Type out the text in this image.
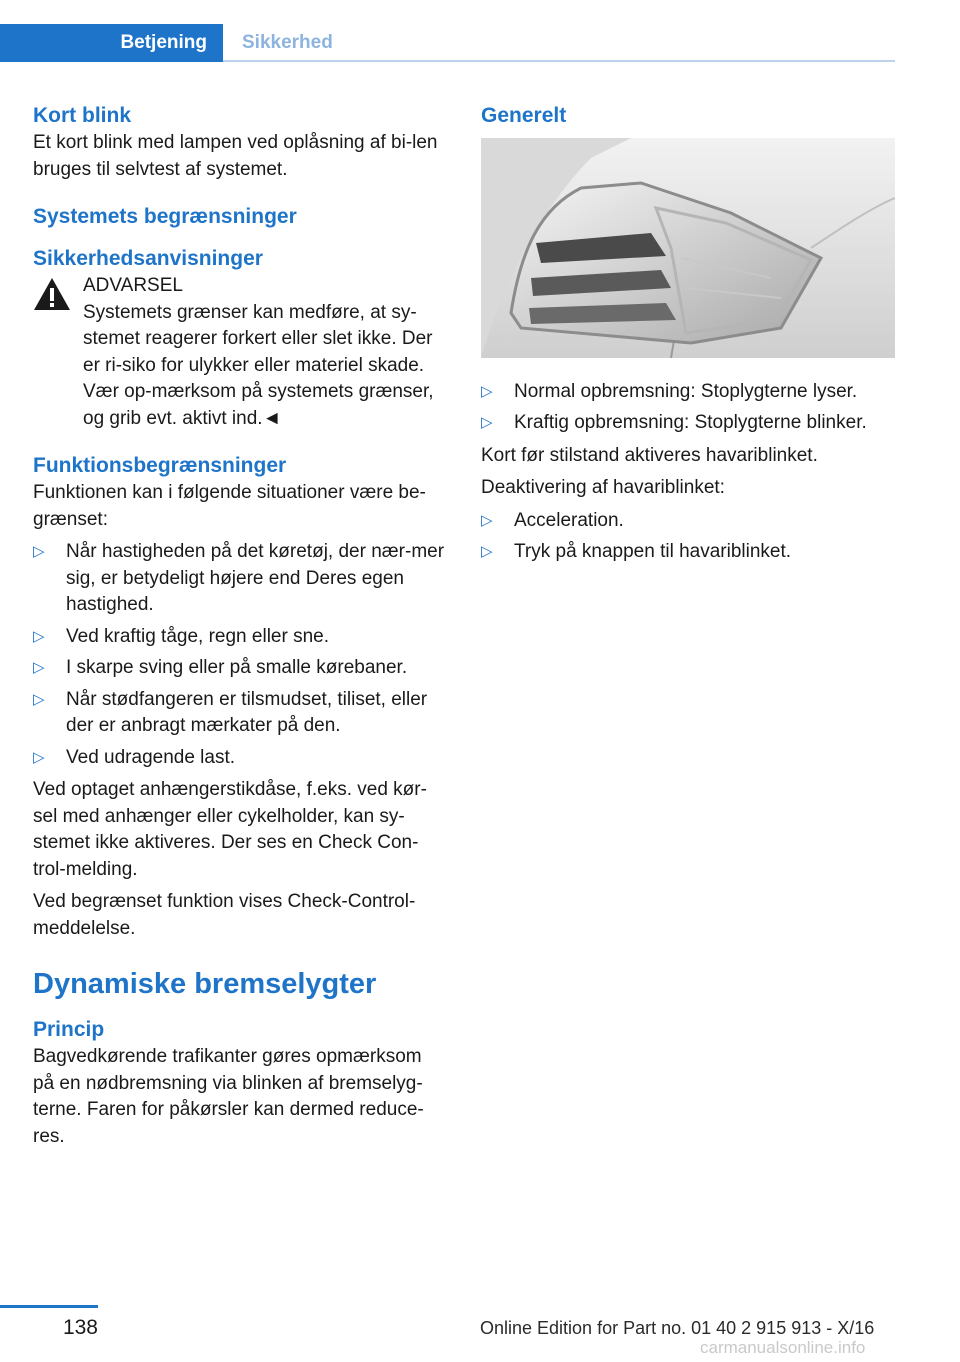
Betjening	Sikkerhed
Kort blink

Et kort blink med lampen ved oplåsning af bi-len bruges til selvtest af systemet.

Systemets begrænsninger
Sikkerhedsanvisninger
ADVARSEL

Systemets grænser kan medføre, at sy-stemet reagerer forkert eller slet ikke. Der er ri-siko for ulykker eller materiel skade. Vær op-mærksom på systemets grænser, og grib evt. aktivt ind.◄

Funktionsbegrænsninger

Funktionen kan i følgende situationer være be-grænset:

▷ Når hastigheden på det køretøj, der nær-mer sig, er betydeligt højere end Deres egen hastighed.
▷ Ved kraftig tåge, regn eller sne.
▷ I skarpe sving eller på smalle kørebaner.
▷ Når stødfangeren er tilsmudset, tiliset, eller der er anbragt mærkater på den.
▷ Ved udragende last.

Ved optaget anhængerstikdåse, f.eks. ved kør-sel med anhænger eller cykelholder, kan sy-stemet ikke aktiveres. Der ses en Check Con-trol-melding.

Ved begrænset funktion vises Check-Control-meddelelse.

Dynamiske bremselygter
Princip

Bagvedkørende trafikanter gøres opmærksom på en nødbremsning via blinken af bremselyg-terne. Faren for påkørsler kan dermed reduce-res.

Generelt
▷ Normal opbremsning: Stoplygterne lyser.
▷ Kraftig opbremsning: Stoplygterne blinker.

Kort før stilstand aktiveres havariblinket.

Deaktivering af havariblinket:

▷ Acceleration.
▷ Tryk på knappen til havariblinket.
138	Online Edition for Part no. 01 40 2 915 913 - X/16
carmanualsonline.info
